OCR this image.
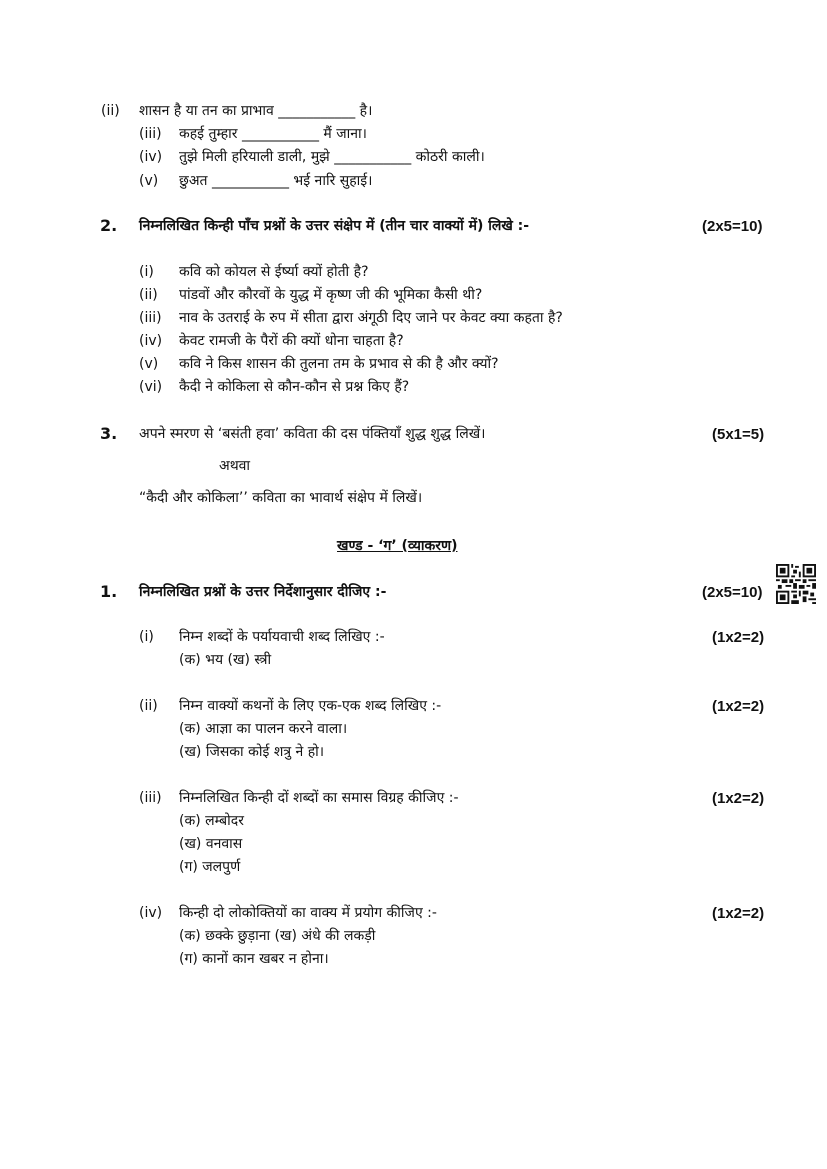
(ii) शासन है या तन का प्राभाव ___________ है।
(iii) कहई तुम्हार ___________ मैं जाना।
(iv) तुझे मिली हरियाली डाली, मुझे ___________ कोठरी काली।
(v) छुअत ___________ भई नारि सुहाई।
2. निम्नलिखित किन्ही पाँच प्रश्नों के उत्तर संक्षेप में (तीन चार वाक्यों में) लिखे :-	(2x5=10)
(i) कवि को कोयल से ईर्ष्या क्यों होती है?
(ii) पांडवों और कौरवों के युद्ध में कृष्ण जी की भूमिका कैसी थी?
(iii) नाव के उतराई के रुप में सीता द्वारा अंगूठी दिए जाने पर केवट क्या कहता है?
(iv) केवट रामजी के पैरों की क्यों धोना चाहता है?
(v) कवि ने किस शासन की तुलना तम के प्रभाव से की है और क्यों?
(vi) कैदी ने कोकिला से कौन-कौन से प्रश्न किए हैं?
3. अपने स्मरण से ‘बसंती हवा’ कविता की दस पंक्तियाँ शुद्ध शुद्ध लिखें।	(5x1=5)
अथवा
“कैदी और कोकिला’’ कविता का भावार्थ संक्षेप में लिखें।
खण्ड - ‘ग’ (व्याकरण)
1. निम्नलिखित प्रश्नों के उत्तर निर्देशानुसार दीजिए :-	(2x5=10)
(i) निम्न शब्दों के पर्यायवाची शब्द लिखिए :-	(1x2=2)
(क) भय (ख) स्त्री
(ii) निम्न वाक्यों कथनों के लिए एक-एक शब्द लिखिए :-	(1x2=2)
(क) आज्ञा का पालन करने वाला।
(ख) जिसका कोई शत्रु ने हो।
(iii) निम्नलिखित किन्ही दों शब्दों का समास विग्रह कीजिए :-	(1x2=2)
(क) लम्बोदर
(ख) वनवास
(ग) जलपुर्ण
(iv) किन्ही दो लोकोक्तियों का वाक्य में प्रयोग कीजिए :-	(1x2=2)
(क) छक्के छुड़ाना (ख) अंधे की लकड़ी
(ग) कानों कान खबर न होना।
